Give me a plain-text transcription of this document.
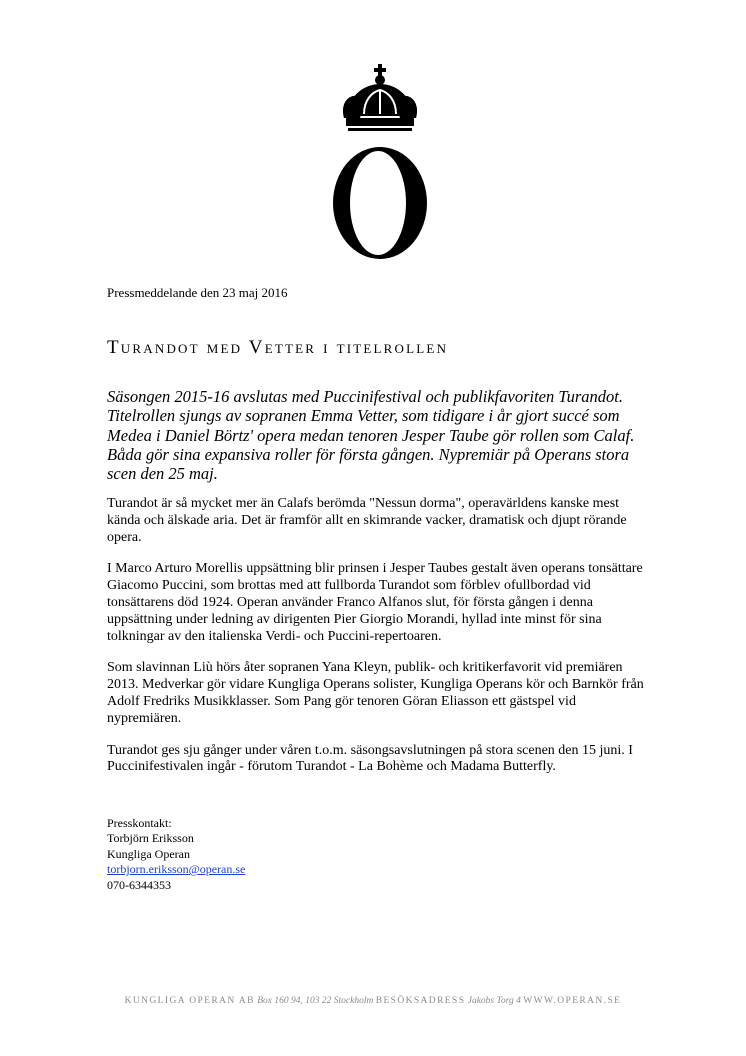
Pressmeddelande den 23 maj 2016
Turandot med Vetter i titelrollen

Säsongen 2015-16 avslutas med Puccinifestival och publikfavoriten Turandot. Titelrollen sjungs av sopranen Emma Vetter, som tidigare i år gjort succé som Medea i Daniel Börtz' opera medan tenoren Jesper Taube gör rollen som Calaf. Båda gör sina expansiva roller för första gången. Nypremiär på Operans stora scen den 25 maj.

Turandot är så mycket mer än Calafs berömda "Nessun dorma", operavärldens kanske mest kända och älskade aria. Det är framför allt en skimrande vacker, dramatisk och djupt rörande opera.

I Marco Arturo Morellis uppsättning blir prinsen i Jesper Taubes gestalt även operans tonsättare Giacomo Puccini, som brottas med att fullborda Turandot som förblev ofullbordad vid tonsättarens död 1924. Operan använder Franco Alfanos slut, för första gången i denna uppsättning under ledning av dirigenten Pier Giorgio Morandi, hyllad inte minst för sina tolkningar av den italienska Verdi- och Puccini-repertoaren.

Som slavinnan Liù hörs åter sopranen Yana Kleyn, publik- och kritikerfavorit vid premiären 2013. Medverkar gör vidare Kungliga Operans solister, Kungliga Operans kör och Barnkör från Adolf Fredriks Musikklasser. Som Pang gör tenoren Göran Eliasson ett gästspel vid nypremiären.

Turandot ges sju gånger under våren t.o.m. säsongsavslutningen på stora scenen den 15 juni. I Puccinifestivalen ingår - förutom Turandot - La Bohème och Madama Butterfly.

Presskontakt:
Torbjörn Eriksson
Kungliga Operan
torbjorn.eriksson@operan.se
070-6344353
KUNGLIGA OPERAN AB Box 160 94, 103 22 Stockholm BESÖKSADRESS Jakobs Torg 4 WWW.OPERAN.SE
